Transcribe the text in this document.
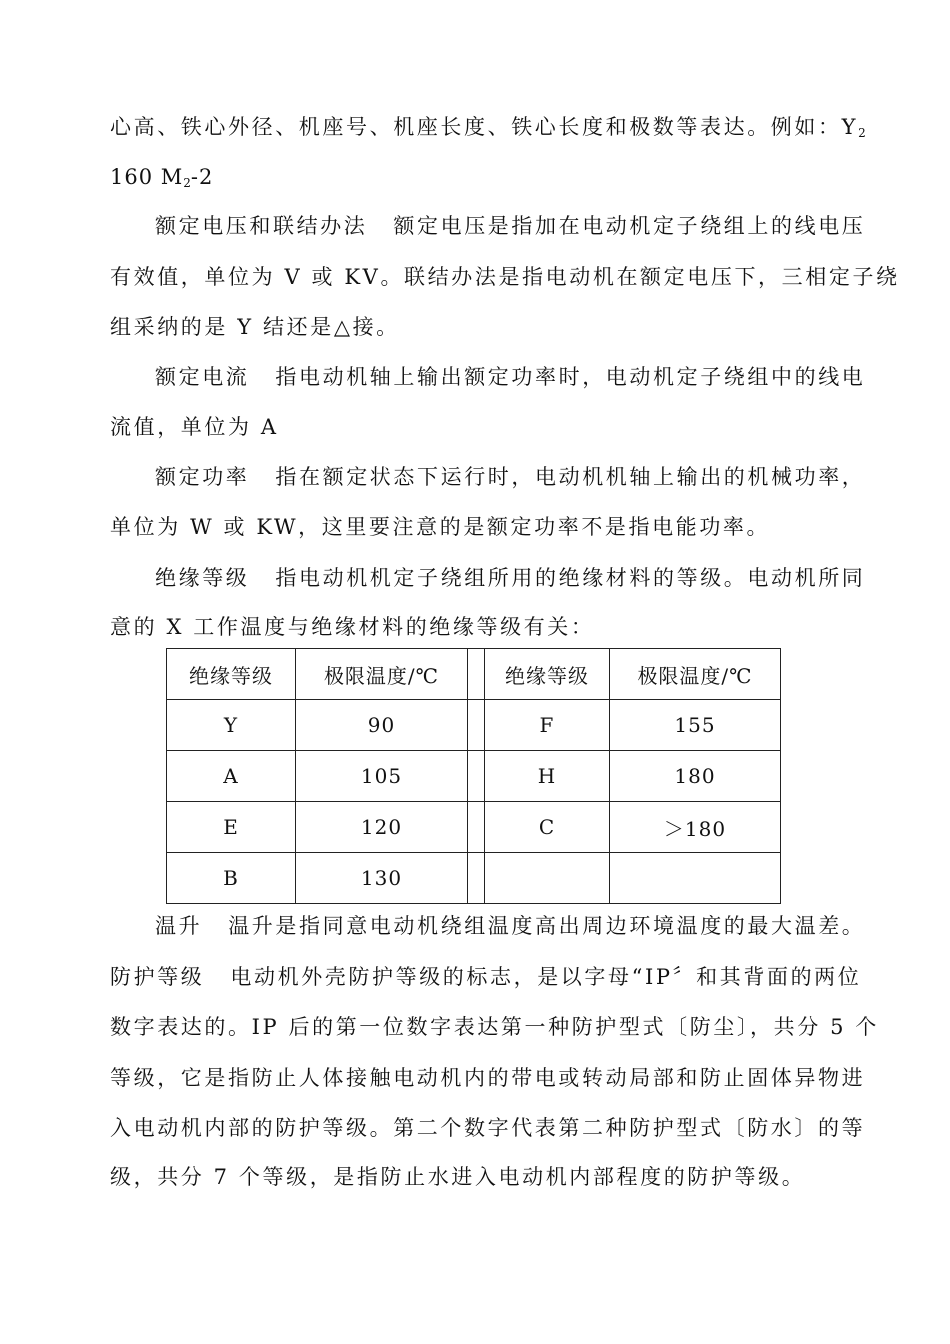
心高、铁心外径、机座号、机座长度、铁心长度和极数等表达。例如：$Y_2$
160 $M_2-2$
额定电压和联结办法 额定电压是指加在电动机定子绕组上的线电压
有效值，单位为 V 或 KV。联结办法是指电动机在额定电压下，三相定子绕
组采纳的是 Y 结还是△接。
额定电流 指电动机轴上输出额定功率时，电动机定子绕组中的线电
流值，单位为 A
额定功率 指在额定状态下运行时，电动机机轴上输出的机械功率，
单位为 W 或 KW，这里要注意的是额定功率不是指电能功率。
绝缘等级 指电动机机定子绕组所用的绝缘材料的等级。电动机所同
意的 X 工作温度与绝缘材料的绝缘等级有关：
绝缘等级	极限温度/℃		绝缘等级	极限温度/℃
Y	90		F	155
A	105		H	180
E	120		C	＞180
B	130			
温升 温升是指同意电动机绕组温度高出周边环境温度的最大温差。
防护等级 电动机外壳防护等级的标志，是以字母“IP〞和其背面的两位
数字表达的。IP 后的第一位数字表达第一种防护型式〔防尘〕，共分 5 个
等级，它是指防止人体接触电动机内的带电或转动局部和防止固体异物进
入电动机内部的防护等级。第二个数字代表第二种防护型式〔防水〕的等
级，共分 7 个等级，是指防止水进入电动机内部程度的防护等级。
